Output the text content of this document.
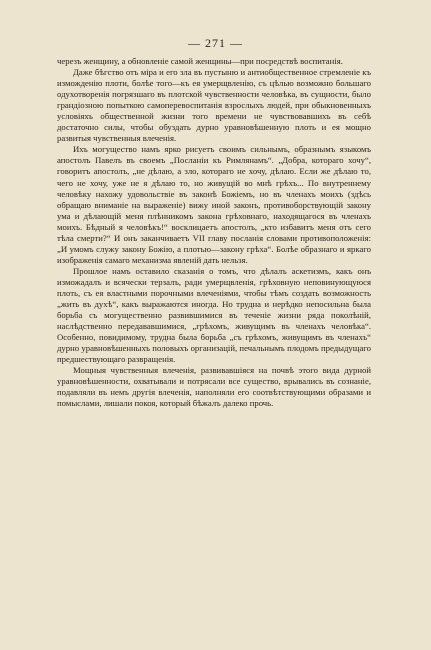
— 271 —

черезъ женщину, а обновленіе самой женщины—при посредствѣ воспитанія.

Даже бѣгство отъ міра и его зла въ пустыню и антиобщественное стремленіе къ изможденію плоти, болѣе того—къ ея умерщвленію, съ цѣлью возможно большаго одухотворенія погрязшаго въ плотской чувственности человѣка, въ сущности, было грандіозною попыткою самоперевоспитанія взрослыхъ людей, при обыкновенныхъ условіяхъ общественной жизни того времени не чувствовавшихъ въ себѣ достаточно силы, чтобы обуздать дурно уравновѣшенную плоть и ея мощно развитыя чувственныя влеченія.

Ихъ могущество намъ ярко рисуетъ своимъ сильнымъ, образнымъ языкомъ апостолъ Павелъ въ своемъ „Посланіи къ Римлянамъ“. „Добра, котораго хочу“, говоритъ апостолъ, „не дѣлаю, а зло, котораго не хочу, дѣлаю. Если же дѣлаю то, чего не хочу, уже не я дѣлаю то, но живущій во мнѣ грѣхъ... По внутреннему человѣку нахожу удовольствіе въ законѣ Божіемъ, но въ членахъ моихъ (здѣсь обращаю вниманіе на выраженіе) вижу иной законъ, противоборствующій закону ума и дѣлающій меня плѣнникомъ закона грѣховнаго, находящагося въ членахъ моихъ. Бѣдный я человѣкъ!“ восклицаетъ апостолъ, „кто избавитъ меня отъ сего тѣла смерти?“ И онъ заканчиваетъ VII главу посланія словами противоположенія: „И умомъ служу закону Божію, а плотью—закону грѣха“. Болѣе образнаго и яркаго изображенія самаго механизма явленій дать нельзя.

Прошлое намъ оставило сказанія о томъ, что дѣлалъ аскетизмъ, какъ онъ изможадалъ и всячески терзалъ, ради умерщвленія, грѣховную неповинующуюся плоть, съ ея властными порочными влеченіями, чтобы тѣмъ создать возможность „жить въ духѣ“, какъ выражаются иногда. Но трудна и нерѣдко непосильна была борьба съ могущественно развившимися въ теченіе жизни ряда поколѣній, наслѣдственно передававшимися, „грѣхомъ, живущимъ въ членахъ человѣка“. Особенно, повидимому, трудна была борьба „съ грѣхомъ, живущимъ въ членахъ“ дурно уравновѣшенныхъ половыхъ организацій, печальнымъ плодомъ предыдущаго предшествующаго развращенія.

Мощныя чувственныя влеченія, развивавшіяся на почвѣ этого вида дурной уравновѣшенности, охватывали и потрясали все существо, врывались въ сознаніе, подавляли въ немъ другія влеченія, наполняли его соотвѣтствующими образами и помыслами, лишали покоя, который бѣжалъ далеко прочь.
